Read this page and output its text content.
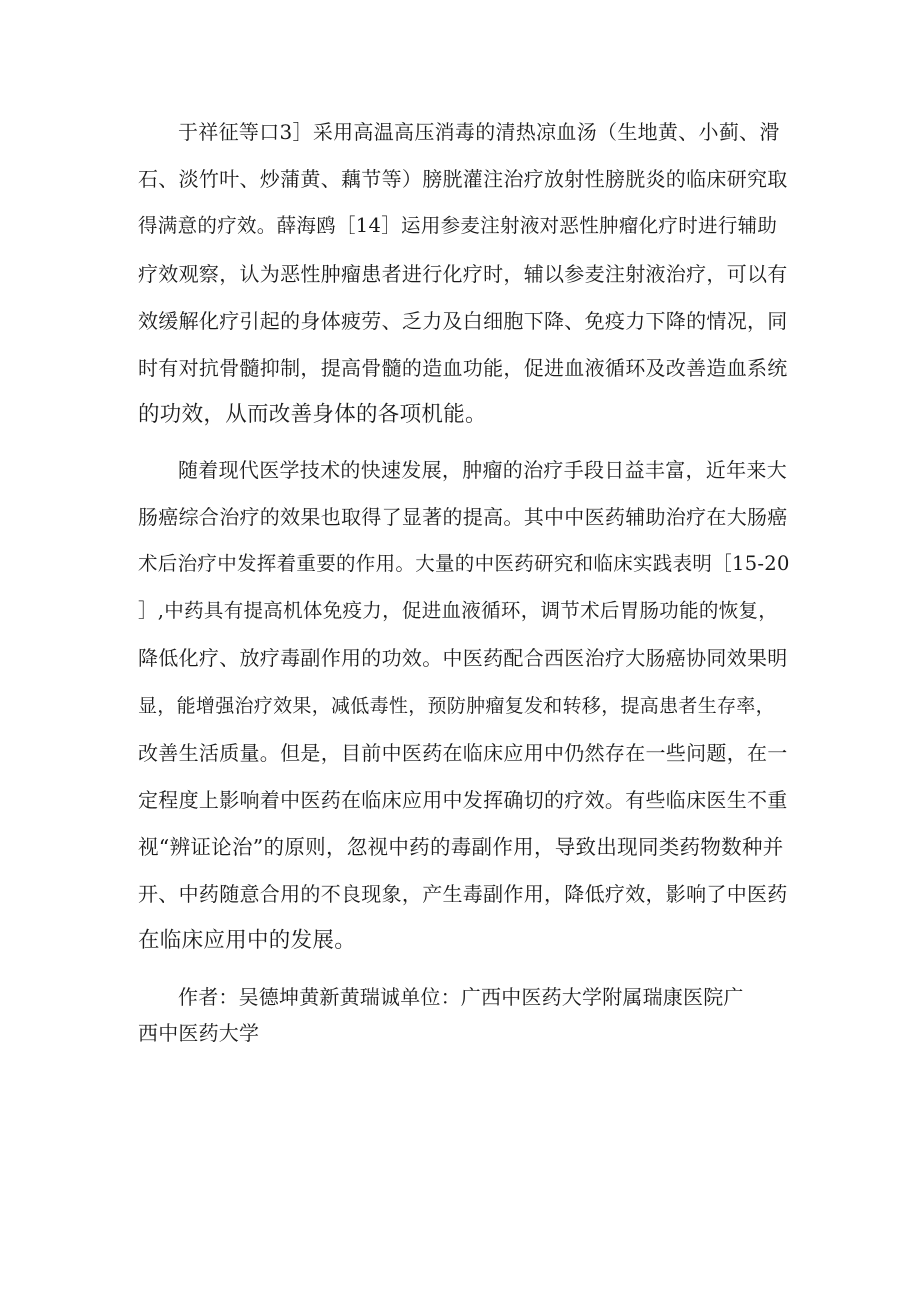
于祥征等口3］采用高温高压消毒的清热凉血汤（生地黄、小蓟、滑

石、淡竹叶、炒蒲黄、藕节等）膀胱灌注治疗放射性膀胱炎的临床研究取

得满意的疗效。薛海鸥［14］运用参麦注射液对恶性肿瘤化疗时进行辅助

疗效观察，认为恶性肿瘤患者进行化疗时，辅以参麦注射液治疗，可以有

效缓解化疗引起的身体疲劳、乏力及白细胞下降、免疫力下降的情况，同

时有对抗骨髓抑制，提高骨髓的造血功能，促进血液循环及改善造血系统

的功效，从而改善身体的各项机能。

随着现代医学技术的快速发展，肿瘤的治疗手段日益丰富，近年来大

肠癌综合治疗的效果也取得了显著的提高。其中中医药辅助治疗在大肠癌

术后治疗中发挥着重要的作用。大量的中医药研究和临床实践表明［15-20

］,中药具有提高机体免疫力，促进血液循环，调节术后胃肠功能的恢复，

降低化疗、放疗毒副作用的功效。中医药配合西医治疗大肠癌协同效果明

显，能增强治疗效果，减低毒性，预防肿瘤复发和转移，提高患者生存率，

改善生活质量。但是，目前中医药在临床应用中仍然存在一些问题，在一

定程度上影响着中医药在临床应用中发挥确切的疗效。有些临床医生不重

视“辨证论治”的原则，忽视中药的毒副作用，导致出现同类药物数种并

开、中药随意合用的不良现象，产生毒副作用，降低疗效，影响了中医药

在临床应用中的发展。

作者：吴德坤黄新黄瑞诚单位：广西中医药大学附属瑞康医院广

西中医药大学
